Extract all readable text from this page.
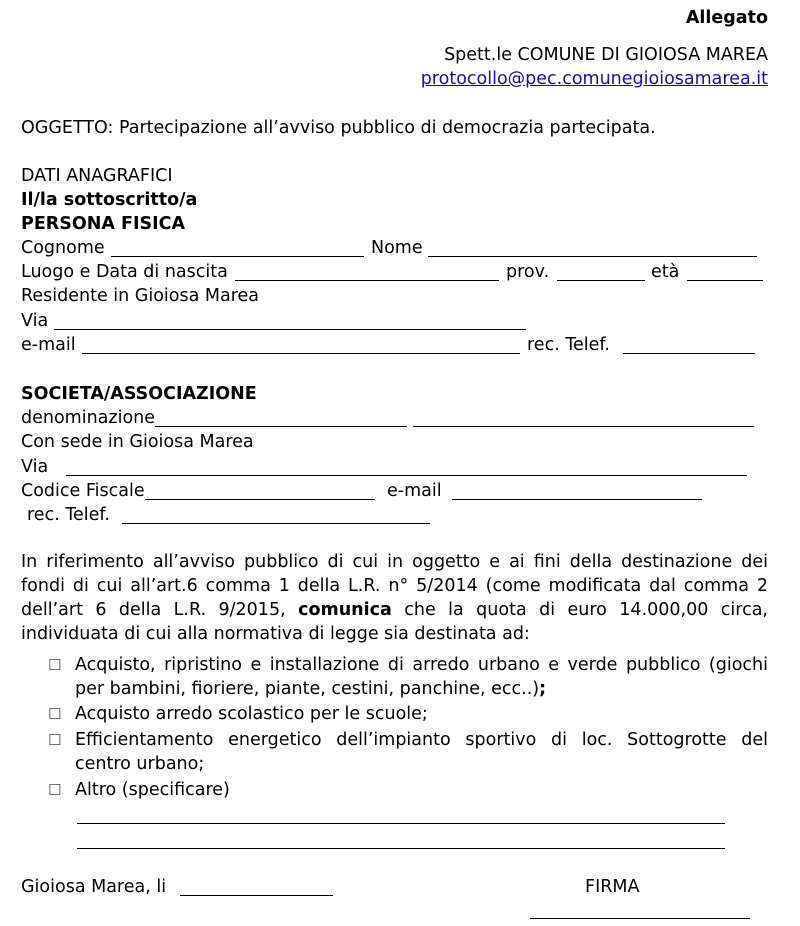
Allegato
Spett.le COMUNE DI GIOIOSA MAREA
protocollo@pec.comunegioiosamarea.it
OGGETTO: Partecipazione all’avviso pubblico di democrazia partecipata.
DATI ANAGRAFICI
Il/la sottoscritto/a
PERSONA FISICA
Cognome	Nome
Luogo e Data di nascita	prov.	età
Residente in Gioiosa Marea
Via
e-mail	rec. Telef.
SOCIETA/ASSOCIAZIONE
denominazione
Con sede in Gioiosa Marea
Via
Codice Fiscale	e-mail
rec. Telef.
In riferimento all’avviso pubblico di cui in oggetto e ai fini della destinazione dei
fondi di cui all’art.6 comma 1 della L.R. n° 5/2014 (come modificata dal comma 2
dell’art 6 della L.R. 9/2015, comunica che la quota di euro 14.000,00 circa,
individuata di cui alla normativa di legge sia destinata ad:
☐ Acquisto, ripristino e installazione di arredo urbano e verde pubblico (giochi
per bambini, fioriere, piante, cestini, panchine, ecc..);
☐ Acquisto arredo scolastico per le scuole;
☐ Efficientamento energetico dell’impianto sportivo di loc. Sottogrotte del
centro urbano;
☐ Altro (specificare)
Gioiosa Marea, li	FIRMA
